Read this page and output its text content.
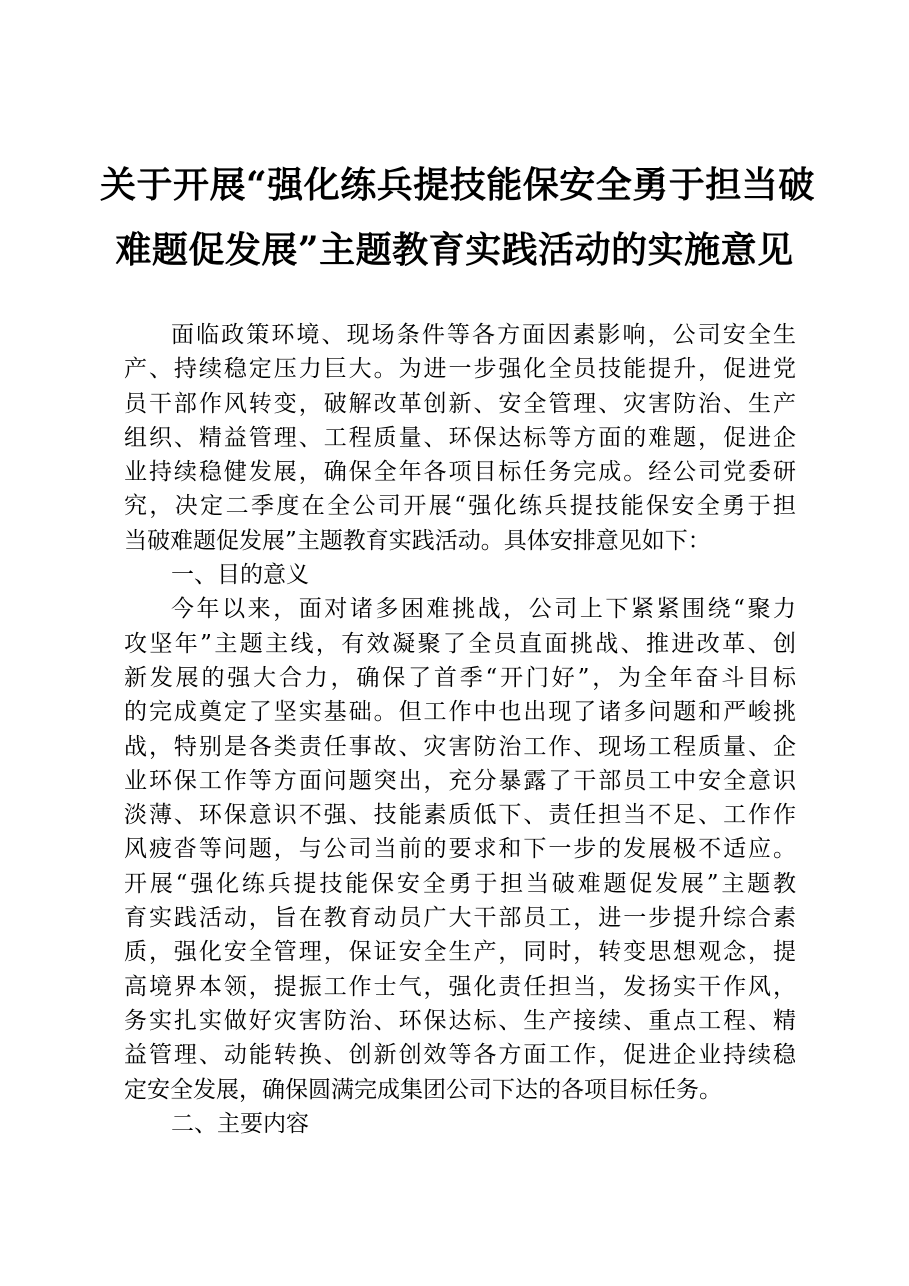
关于开展“强化练兵提技能保安全勇于担当破
难题促发展”主题教育实践活动的实施意见
面临政策环境、现场条件等各方面因素影响，公司安全生
产、持续稳定压力巨大。为进一步强化全员技能提升，促进党
员干部作风转变，破解改革创新、安全管理、灾害防治、生产
组织、精益管理、工程质量、环保达标等方面的难题，促进企
业持续稳健发展，确保全年各项目标任务完成。经公司党委研
究，决定二季度在全公司开展“强化练兵提技能保安全勇于担
当破难题促发展”主题教育实践活动。具体安排意见如下：
一、目的意义
今年以来，面对诸多困难挑战，公司上下紧紧围绕“聚力
攻坚年”主题主线，有效凝聚了全员直面挑战、推进改革、创
新发展的强大合力，确保了首季“开门好”，为全年奋斗目标
的完成奠定了坚实基础。但工作中也出现了诸多问题和严峻挑
战，特别是各类责任事故、灾害防治工作、现场工程质量、企
业环保工作等方面问题突出，充分暴露了干部员工中安全意识
淡薄、环保意识不强、技能素质低下、责任担当不足、工作作
风疲沓等问题，与公司当前的要求和下一步的发展极不适应。
开展“强化练兵提技能保安全勇于担当破难题促发展”主题教
育实践活动，旨在教育动员广大干部员工，进一步提升综合素
质，强化安全管理，保证安全生产，同时，转变思想观念，提
高境界本领，提振工作士气，强化责任担当，发扬实干作风，
务实扎实做好灾害防治、环保达标、生产接续、重点工程、精
益管理、动能转换、创新创效等各方面工作，促进企业持续稳
定安全发展，确保圆满完成集团公司下达的各项目标任务。
二、主要内容
